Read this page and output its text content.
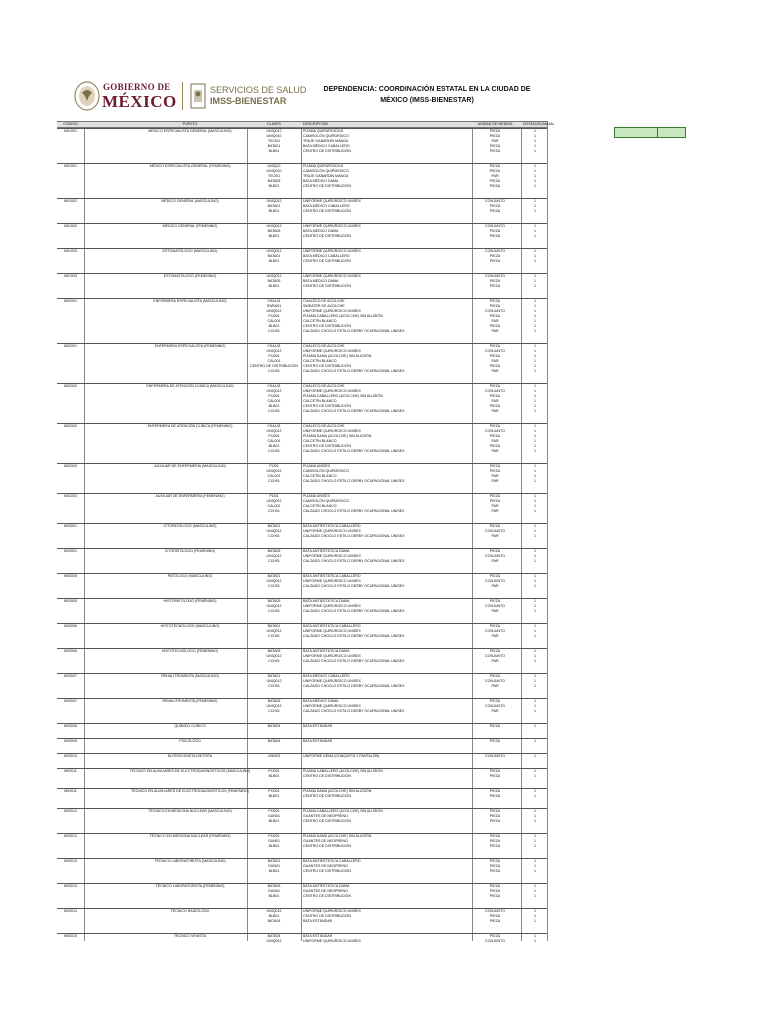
GOBIERNO DE
MÉXICO
SERVICIOS DE SALUD
IMSS-BIENESTAR
DEPENDENCIA: COORDINACIÓN ESTATAL EN LA CIUDAD DE MÉXICO (IMSS-BIENESTAR)
CÓDIGO	PUESTO	CLAVES	DESCRIPCIÓN	UNIDAD DE MEDIDA	DOTACIÓN ANUAL
M01001	MÉDICO ESPECIALISTA GENERAL (MASCULINO)	UNIQ012	PIJAMA QUIRÚRGICA B	PIEZA	1
UNIQ010	CAMISOLÓN QUIRÚRGICO	PIEZA	1
TECI01	TRAJE GABARDÍN MANGA	PAR	1
BATA01	BATA MÉDICO CABALLERO	PIEZA	1
BLB01	CENTRO DE DISTRIBUCIÓN	PIEZA	1
M01001	MÉDICO ESPECIALISTA GENERAL (FEMENINO)	UNIQ12	PIJAMA QUIRÚRGICA B	PIEZA	1
UNIQ010	CAMISOLÓN QUIRÚRGICO	PIEZA	1
TECI01	TRAJE GABARDÍN MANGA	PAR	1
BATA05	BATA MÉDICO DAMA	PIEZA	1
BLB01	CENTRO DE DISTRIBUCIÓN	PIEZA	1
M01002	MÉDICO GENERAL (MASCULINO)	UNIQ012	UNIFORME QUIRÚRGICO UNISEX	CONJUNTO	1
BATA01	BATA MÉDICO CABALLERO	PIEZA	1
BLB01	CENTRO DE DISTRIBUCIÓN	PIEZA	1
M01002	MÉDICO GENERAL (FEMENINO)	UNIQ012	UNIFORME QUIRÚRGICO UNISEX	CONJUNTO	1
BATA05	BATA MÉDICO DAMA	PIEZA	1
BLB01	CENTRO DE DISTRIBUCIÓN	PIEZA	1
M01003	ESTOMATÓLOGO (MASCULINO)	UNIQ012	UNIFORME QUIRÚRGICO UNISEX	CONJUNTO	1
BATA01	BATA MÉDICO CABALLERO	PIEZA	1
BLB01	CENTRO DE DISTRIBUCIÓN	PIEZA	1
M01003	ESTOMATÓLOGO (FEMENINO)	UNIQ012	UNIFORME QUIRÚRGICO UNISEX	CONJUNTO	1
BATA05	BATA MÉDICO DAMA	PIEZA	1
BLB01	CENTRO DE DISTRIBUCIÓN	PIEZA	1
M02001	ENFERMERA ESPECIALISTA (MASCULINO)	CHAL01	CHALECO DE ACOLCHE	PIEZA	1
SWEA01	SWEATER DE ACOLCHE	PIEZA	1
UNIQ012	UNIFORME QUIRÚRGICO UNISEX	CONJUNTO	1
PIJ001	PIJAMA CABALLERO (ACOLCHE) SIN ALUSIÓN	PIEZA	1
CAL001	CALCETÍN BLANCO	PAR	1
BLB01	CENTRO DE DISTRIBUCIÓN	PIEZA	1
CCH01	CALZADO CHOCLO ESTILO DERBY OCUPACIONAL UNISEX	PAR	1
M02001	ENFERMERA ESPECIALISTA (FEMENINO)	CHAL01	CHALECO DE ACOLCHE	PIEZA	1
UNIQ012	UNIFORME QUIRÚRGICO UNISEX	CONJUNTO	1
PIJ001	PIJAMA DAMA (ACOLCHE) SIN ALUSIÓN	PIEZA	1
CAL001	CALCETÍN BLANCO	PAR	1
CENTRO DE DISTRIBUCIÓN	CENTRO DE DISTRIBUCIÓN	PIEZA	1
CCH01	CALZADO CHOCLO ESTILO DERBY OCUPACIONAL UNISEX	PAR	1
M02002	ENFERMERA DE ATENCIÓN CLÍNICA (MASCULINO)	CHAL01	CHALECO DE ACOLCHE	PIEZA	1
UNIQ012	UNIFORME QUIRÚRGICO UNISEX	CONJUNTO	1
PIJ001	PIJAMA CABALLERO (ACOLCHE) SIN ALUSIÓN	PIEZA	1
CAL001	CALCETÍN BLANCO	PAR	1
BLB01	CENTRO DE DISTRIBUCIÓN	PIEZA	1
CCH01	CALZADO CHOCLO ESTILO DERBY OCUPACIONAL UNISEX	PAR	1
M02002	ENFERMERA DE ATENCIÓN CLÍNICA (FEMENINO)	CHAL01	CHALECO DE ACOLCHE	PIEZA	1
UNIQ012	UNIFORME QUIRÚRGICO UNISEX	CONJUNTO	1
PIJ001	PIJAMA DAMA (ACOLCHE) SIN ALUSIÓN	PIEZA	1
CAL001	CALCETÍN BLANCO	PAR	1
BLB01	CENTRO DE DISTRIBUCIÓN	PIEZA	1
CCH01	CALZADO CHOCLO ESTILO DERBY OCUPACIONAL UNISEX	PAR	1
M02003	AUXILIAR DE ENFERMERÍA (MASCULINO)	PIJ01	PIJAMA UNISEX	PIEZA	1
UNIQ012	CAMISOLÓN QUIRÚRGICO	PIEZA	1
CAL001	CALCETÍN BLANCO	PAR	1
CCH01	CALZADO CHOCLO ESTILO DERBY OCUPACIONAL UNISEX	PAR	1
M02003	AUXILIAR DE ENFERMERÍA (FEMENINO)	PIJ01	PIJAMA UNISEX	PIEZA	1
UNIQ012	CAMISOLÓN QUIRÚRGICO	PIEZA	1
CAL001	CALCETÍN BLANCO	PAR	1
CCH01	CALZADO CHOCLO ESTILO DERBY OCUPACIONAL UNISEX	PAR	1
M03001	CITOPATÓLOGO (MASCULINO)	BATA01	BATA ANTIESTÁTICA CABALLERO	PIEZA	1
UNIQ012	UNIFORME QUIRÚRGICO UNISEX	CONJUNTO	1
CCH01	CALZADO CHOCLO ESTILO DERBY OCUPACIONAL UNISEX	PAR	1
M03001	CITOPATÓLOGO (FEMENINO)	BATA05	BATA ANTIESTÁTICA DAMA	PIEZA	1
UNIQ012	UNIFORME QUIRÚRGICO UNISEX	CONJUNTO	1
CCH01	CALZADO CHOCLO ESTILO DERBY OCUPACIONAL UNISEX	PAR	1
M03005	PATÓLOGO (MASCULINO)	BATA01	BATA ANTIESTÁTICA CABALLERO	PIEZA	1
UNIQ012	UNIFORME QUIRÚRGICO UNISEX	CONJUNTO	1
CCH01	CALZADO CHOCLO ESTILO DERBY OCUPACIONAL UNISEX	PAR	1
M03005	HISTOPATÓLOGO (FEMENINO)	BATA05	BATA ANTIESTÁTICA DAMA	PIEZA	1
UNIQ012	UNIFORME QUIRÚRGICO UNISEX	CONJUNTO	1
CCH01	CALZADO CHOCLO ESTILO DERBY OCUPACIONAL UNISEX	PAR	1
M03006	HISTOTECNÓLOGO (MASCULINO)	BATA01	BATA ANTIESTÁTICA CABALLERO	PIEZA	1
UNIQ012	UNIFORME QUIRÚRGICO UNISEX	CONJUNTO	1
CCH01	CALZADO CHOCLO ESTILO DERBY OCUPACIONAL UNISEX	PAR	1
M03006	HISTOTECNÓLOGO (FEMENINO)	BATA05	BATA ANTIESTÁTICA DAMA	PIEZA	1
UNIQ012	UNIFORME QUIRÚRGICO UNISEX	CONJUNTO	1
CCH01	CALZADO CHOCLO ESTILO DERBY OCUPACIONAL UNISEX	PAR	1
M03007	REHALITROMENTA (MASCULINO)	BATA01	BATA MÉDICO CABALLERO	PIEZA	1
UNIQ012	UNIFORME QUIRÚRGICO UNISEX	CONJUNTO	1
CCH01	CALZADO CHOCLO ESTILO DERBY OCUPACIONAL UNISEX	PAR	1
M03007	REHALITROMENTA (FEMENINO)	BATA05	BATA MÉDICO DAMA	PIEZA	1
UNIQ012	UNIFORME QUIRÚRGICO UNISEX	CONJUNTO	1
CCH01	CALZADO CHOCLO ESTILO DERBY OCUPACIONAL UNISEX	PAR	1
M03008	QUÍMICO CLÍNICO	BATA04	BATA ESTÁNDAR	PIEZA	1
M03009	PSICÓLOGO	BATA04	BATA ESTÁNDAR	PIEZA	1
M03010	NUTRICIONISTA DIETISTA	UNI003	UNIFORME DEMA (CHAQUETA Y PANTALÓN)	CONJUNTO	1
M03011	TÉCNICO EN AUXILIARES DE ELECTRODIAGNÓSTICOS (MASCULINO)	PIJ001	PIJAMA CABALLERO (ACOLCHE) SIN ALUSIÓN	PIEZA	1
BLB01	CENTRO DE DISTRIBUCIÓN	PIEZA	1
M03011	TÉCNICO EN AUXILIARES DE ELECTRODIAGNÓSTICOS (FEMENINO)	PIJ001	PIJAMA DAMA (ACOLCHE) SIN ALUSIÓN	PIEZA	1
BLB01	CENTRO DE DISTRIBUCIÓN	PIEZA	1
M03012	TÉCNICO EN MEDICINA NUCLEAR (MASCULINO)	PIJ001	PIJAMA CABALLERO (ACOLCHE) SIN ALUSIÓN	PIEZA	1
GUN01	GUANTES DE NEOPRENO	PIEZA	1
BLB01	CENTRO DE DISTRIBUCIÓN	PIEZA	1
M03012	TÉCNICO EN MEDICINA NUCLEAR (FEMENINO)	PIJ001	PIJAMA DAMA (ACOLCHE) SIN ALUSIÓN	PIEZA	1
GUN01	GUANTES DE NEOPRENO	PIEZA	1
BLB01	CENTRO DE DISTRIBUCIÓN	PIEZA	1
M03013	TÉCNICO LABORATORISTA (MASCULINO)	BATA01	BATA ANTIESTÁTICA CABALLERO	PIEZA	1
GUN01	GUANTES DE NEOPRENO	PIEZA	1
BLB01	CENTRO DE DISTRIBUCIÓN	PIEZA	1
M03013	TÉCNICO LABORATORISTA (FEMENINO)	BATA05	BATA ANTIESTÁTICA DAMA	PIEZA	1
GUN01	GUANTES DE NEOPRENO	PIEZA	1
BLB01	CENTRO DE DISTRIBUCIÓN	PIEZA	1
M03014	TÉCNICO RADIÓLOGO	UNIQ012	UNIFORME QUIRÚRGICO UNISEX	CONJUNTO	1
BLB01	CENTRO DE DISTRIBUCIÓN	PIEZA	1
BATA04	BATA ESTÁNDAR	PIEZA	1
M03015	TÉCNICO VENISTA	BATA04	BATA ESTÁNDAR	PIEZA	1
UNIQ012	UNIFORME QUIRÚRGICO UNISEX	CONJUNTO	1
